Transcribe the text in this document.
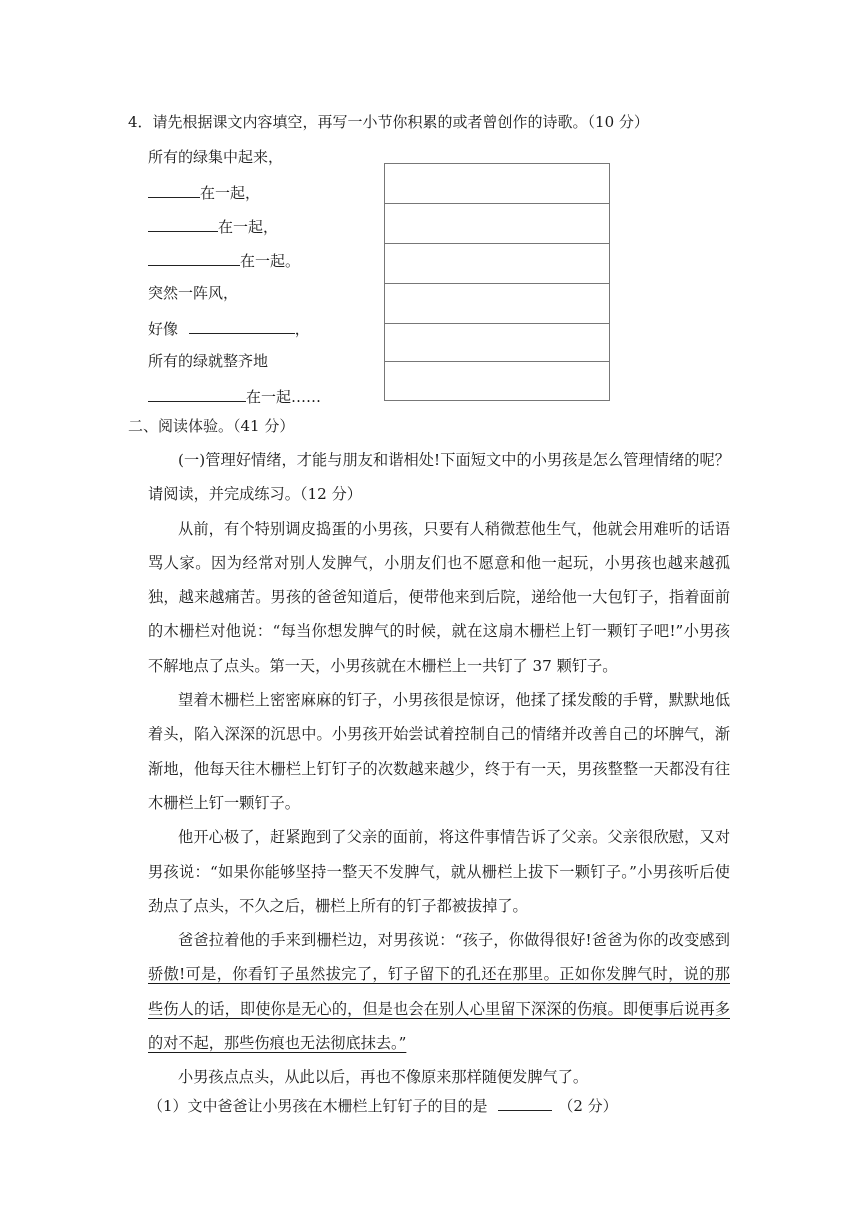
4．请先根据课文内容填空，再写一小节你积累的或者曾创作的诗歌。（10 分）
所有的绿集中起来，
在一起，
在一起，
在一起。
突然一阵风，
好像	，
所有的绿就整齐地
在一起……
二、阅读体验。（41 分）

(一)管理好情绪，才能与朋友和谐相处!下面短文中的小男孩是怎么管理情绪的呢？请阅读，并完成练习。（12 分）

从前，有个特别调皮捣蛋的小男孩，只要有人稍微惹他生气，他就会用难听的话语骂人家。因为经常对别人发脾气，小朋友们也不愿意和他一起玩，小男孩也越来越孤独，越来越痛苦。男孩的爸爸知道后，便带他来到后院，递给他一大包钉子，指着面前的木栅栏对他说：“每当你想发脾气的时候，就在这扇木栅栏上钉一颗钉子吧!”小男孩不解地点了点头。第一天，小男孩就在木栅栏上一共钉了 37 颗钉子。

望着木栅栏上密密麻麻的钉子，小男孩很是惊讶，他揉了揉发酸的手臂，默默地低着头，陷入深深的沉思中。小男孩开始尝试着控制自己的情绪并改善自己的坏脾气，渐渐地，他每天往木栅栏上钉钉子的次数越来越少，终于有一天，男孩整整一天都没有往木栅栏上钉一颗钉子。

他开心极了，赶紧跑到了父亲的面前，将这件事情告诉了父亲。父亲很欣慰，又对男孩说：“如果你能够坚持一整天不发脾气，就从栅栏上拔下一颗钉子。”小男孩听后使劲点了点头，不久之后，栅栏上所有的钉子都被拔掉了。

爸爸拉着他的手来到栅栏边，对男孩说：“孩子，你做得很好!爸爸为你的改变感到骄傲!可是，你看钉子虽然拔完了，钉子留下的孔还在那里。正如你发脾气时，说的那些伤人的话，即使你是无心的，但是也会在别人心里留下深深的伤痕。即便事后说再多的对不起，那些伤痕也无法彻底抹去。”

小男孩点点头，从此以后，再也不像原来那样随便发脾气了。

（1）文中爸爸让小男孩在木栅栏上钉钉子的目的是	（2 分）
